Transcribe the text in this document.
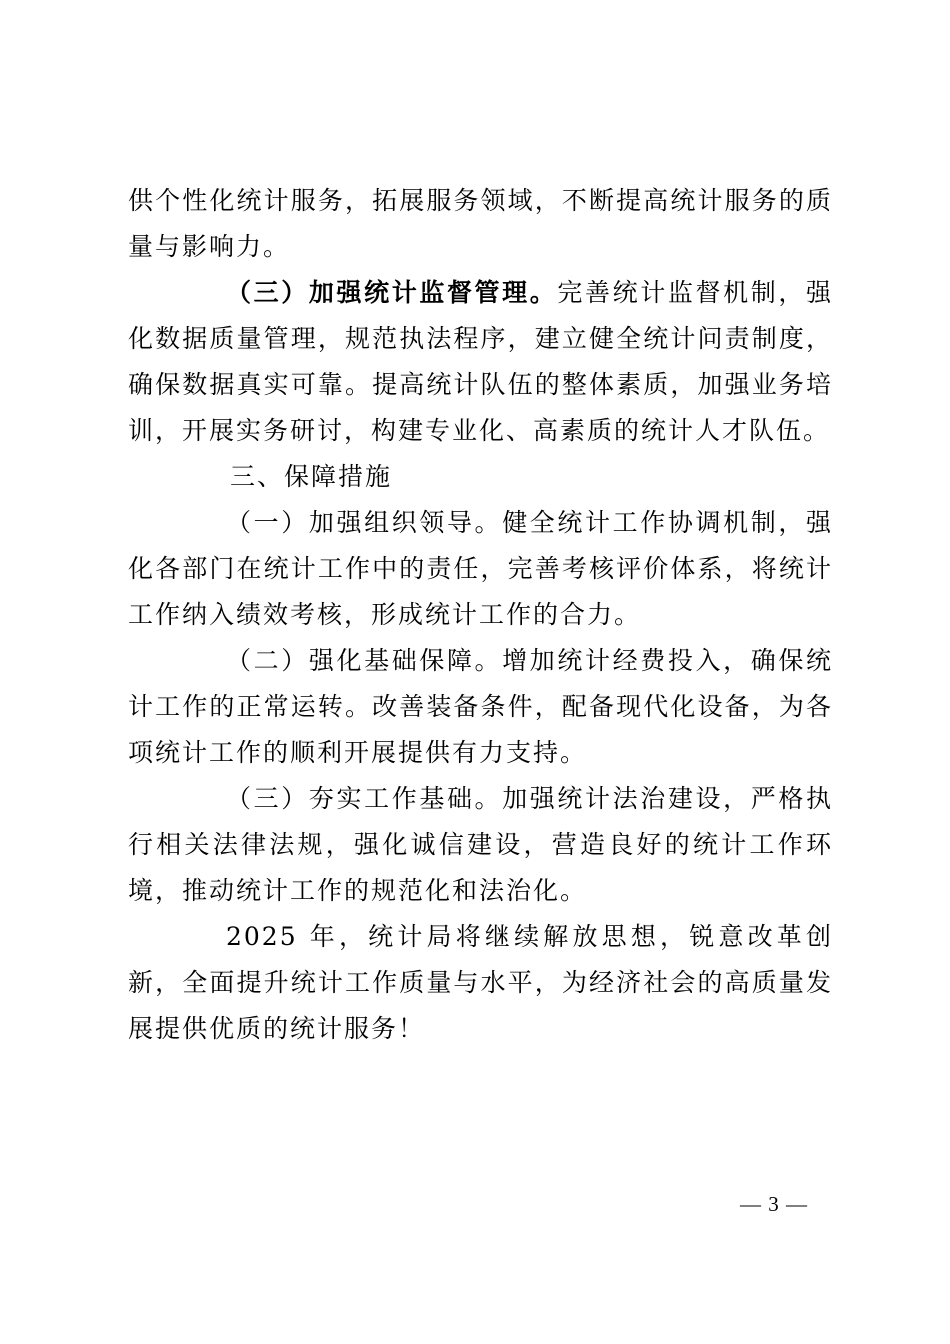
供个性化统计服务，拓展服务领域，不断提高统计服务的质量与影响力。

（三）加强统计监督管理。完善统计监督机制，强化数据质量管理，规范执法程序，建立健全统计问责制度，确保数据真实可靠。提高统计队伍的整体素质，加强业务培训，开展实务研讨，构建专业化、高素质的统计人才队伍。

三、保障措施

（一）加强组织领导。健全统计工作协调机制，强化各部门在统计工作中的责任，完善考核评价体系，将统计工作纳入绩效考核，形成统计工作的合力。

（二）强化基础保障。增加统计经费投入，确保统计工作的正常运转。改善装备条件，配备现代化设备，为各项统计工作的顺利开展提供有力支持。

（三）夯实工作基础。加强统计法治建设，严格执行相关法律法规，强化诚信建设，营造良好的统计工作环境，推动统计工作的规范化和法治化。

2025 年，统计局将继续解放思想，锐意改革创新，全面提升统计工作质量与水平，为经济社会的高质量发展提供优质的统计服务！

— 3 —
